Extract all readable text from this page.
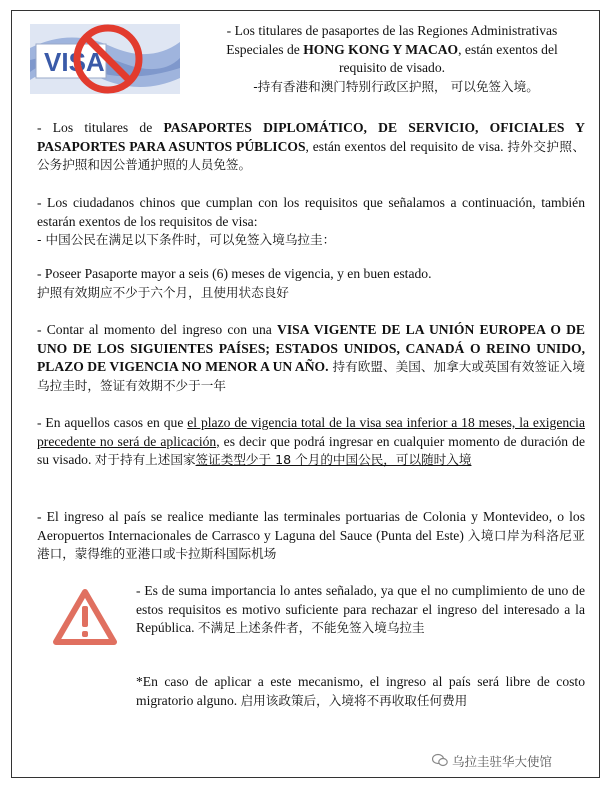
VISA

- Los titulares de pasaportes de las Regiones Administrativas

Especiales de HONG KONG Y MACAO, están exentos del

requisito de visado.

-持有香港和澳门特别行政区护照， 可以免签入境。

- Los titulares de PASAPORTES DIPLOMÁTICO, DE SERVICIO, OFICIALES Y PASAPORTES PARA ASUNTOS PÚBLICOS, están exentos del requisito de visa. 持外交护照、公务护照和因公普通护照的人员免签。

- Los ciudadanos chinos que cumplan con los requisitos que señalamos a continuación, también estarán exentos de los requisitos de visa:

- 中国公民在满足以下条件时，可以免签入境乌拉圭：

- Poseer Pasaporte mayor a seis (6) meses de vigencia, y en buen estado.

护照有效期应不少于六个月，且使用状态良好

- Contar al momento del ingreso con una VISA VIGENTE DE LA UNIÓN EUROPEA O DE UNO DE LOS SIGUIENTES PAÍSES; ESTADOS UNIDOS, CANADÁ O REINO UNIDO, PLAZO DE VIGENCIA NO MENOR A UN AÑO. 持有欧盟、美国、加拿大或英国有效签证入境乌拉圭时，签证有效期不少于一年

- En aquellos casos en que el plazo de vigencia total de la visa sea inferior a 18 meses, la exigencia precedente no será de aplicación, es decir que podrá ingresar en cualquier momento de duración de su visado. 对于持有上述国家签证类型少于 18 个月的中国公民，可以随时入境

- El ingreso al país se realice mediante las terminales portuarias de Colonia y Montevideo, o los Aeropuertos Internacionales de Carrasco y Laguna del Sauce (Punta del Este) 入境口岸为科洛尼亚港口，蒙得维的亚港口或卡拉斯科国际机场

- Es de suma importancia lo antes señalado, ya que el no cumplimiento de uno de estos requisitos es motivo suficiente para rechazar el ingreso del interesado a la República. 不满足上述条件者，不能免签入境乌拉圭

*En caso de aplicar a este mecanismo, el ingreso al país será libre de costo migratorio alguno. 启用该政策后，入境将不再收取任何费用

乌拉圭驻华大使馆
